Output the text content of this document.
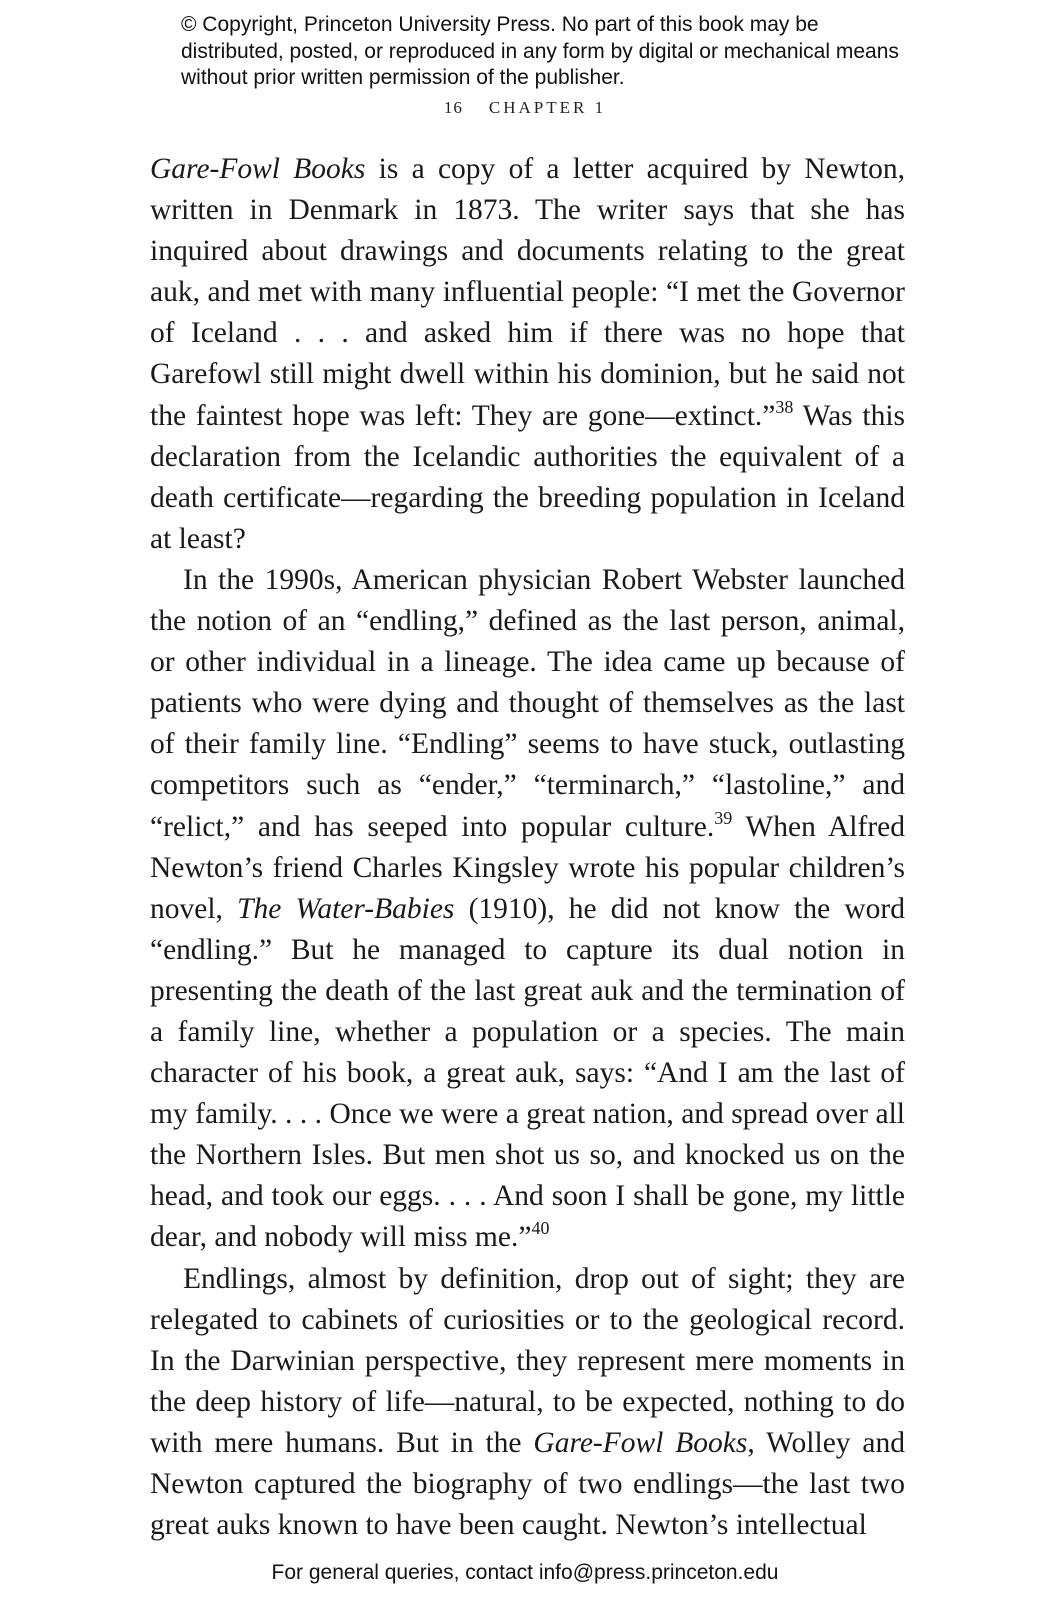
© Copyright, Princeton University Press. No part of this book may be distributed, posted, or reproduced in any form by digital or mechanical means without prior written permission of the publisher.
16 CHAPTER 1

Gare-Fowl Books is a copy of a letter acquired by Newton, written in Denmark in 1873. The writer says that she has inquired about drawings and documents relating to the great auk, and met with many influential people: “I met the Governor of Iceland . . . and asked him if there was no hope that Garefowl still might dwell within his dominion, but he said not the faintest hope was left: They are gone—extinct.”$^{38}$ Was this declaration from the Icelandic authorities the equivalent of a death certificate—regarding the breeding population in Iceland at least?

In the 1990s, American physician Robert Webster launched the notion of an “endling,” defined as the last person, animal, or other individual in a lineage. The idea came up because of patients who were dying and thought of themselves as the last of their family line. “Endling” seems to have stuck, outlasting competitors such as “ender,” “terminarch,” “lastoline,” and “relict,” and has seeped into popular culture.$^{39}$ When Alfred Newton’s friend Charles Kingsley wrote his popular children’s novel, The Water-Babies (1910), he did not know the word “endling.” But he managed to capture its dual notion in presenting the death of the last great auk and the termination of a family line, whether a population or a species. The main character of his book, a great auk, says: “And I am the last of my family. . . . Once we were a great nation, and spread over all the Northern Isles. But men shot us so, and knocked us on the head, and took our eggs. . . . And soon I shall be gone, my little dear, and nobody will miss me.”$^{40}$

Endlings, almost by definition, drop out of sight; they are relegated to cabinets of curiosities or to the geological record. In the Darwinian perspective, they represent mere moments in the deep history of life—natural, to be expected, nothing to do with mere humans. But in the Gare-Fowl Books, Wolley and Newton captured the biography of two endlings—the last two great auks known to have been caught. Newton’s intellectual

For general queries, contact info@press.princeton.edu
